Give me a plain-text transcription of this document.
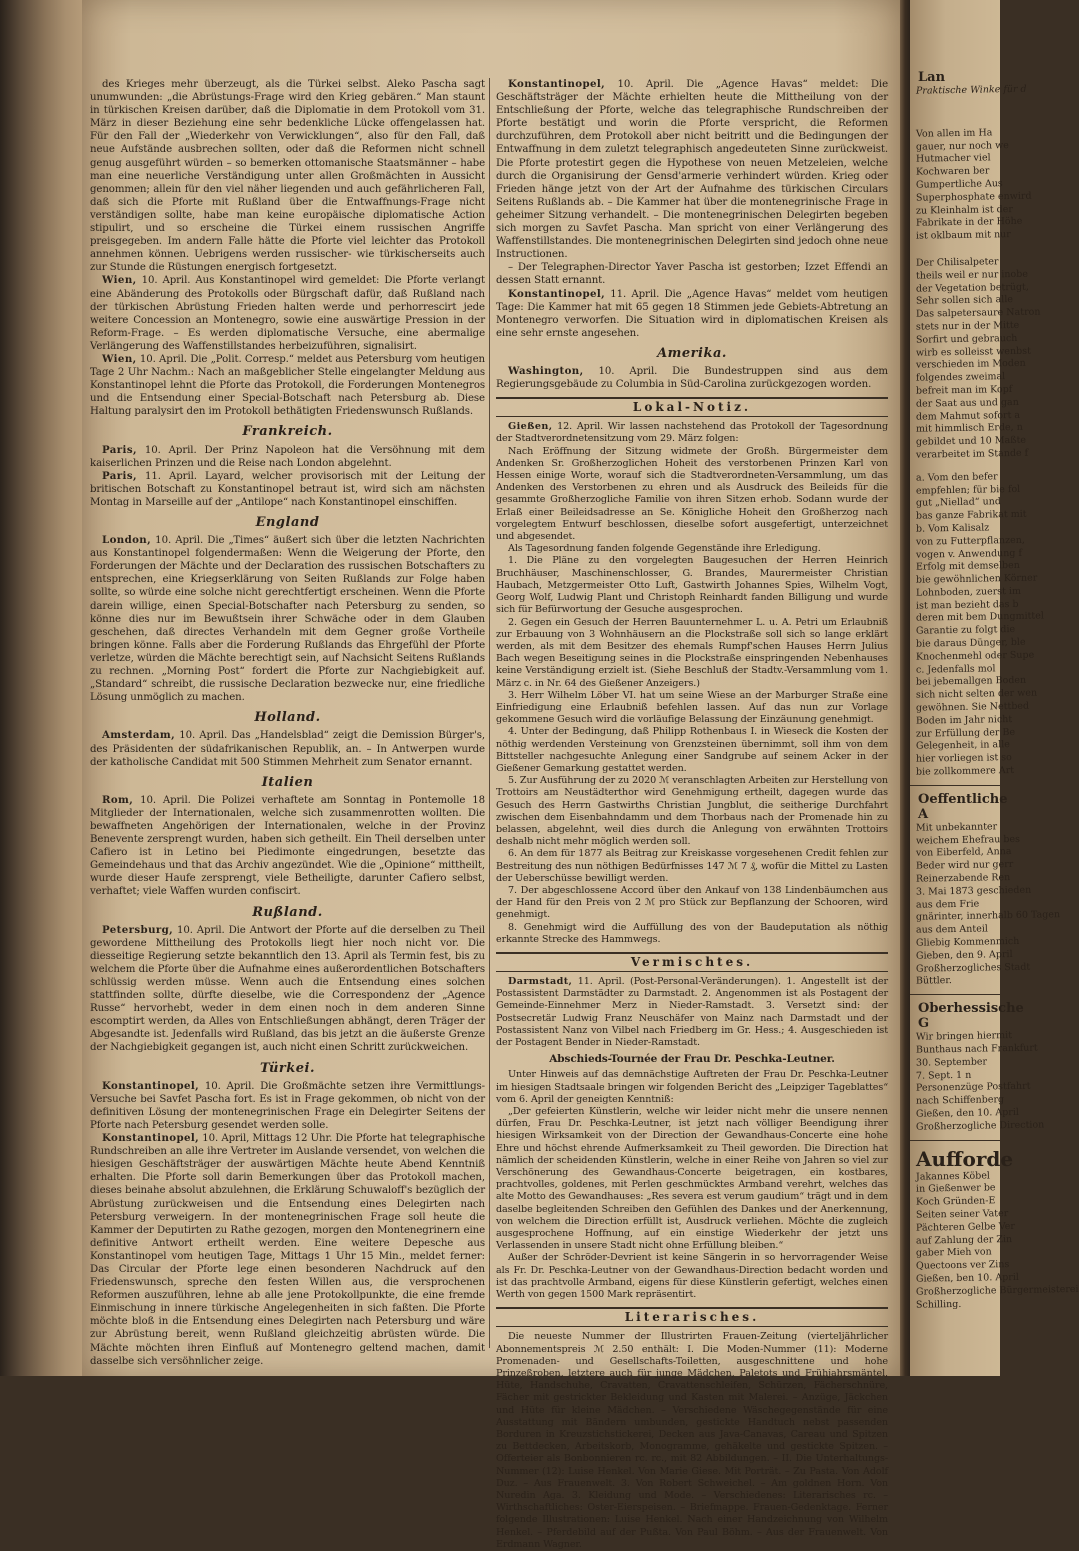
des Krieges mehr überzeugt, als die Türkei selbst. Aleko Pascha sagt unumwunden: „die Abrüstungs-Frage wird den Krieg gebären.“ Man staunt in türkischen Kreisen darüber, daß die Diplomatie in dem Protokoll vom 31. März in dieser Beziehung eine sehr bedenkliche Lücke offengelassen hat. Für den Fall der „Wiederkehr von Verwicklungen“, also für den Fall, daß neue Aufstände ausbrechen sollten, oder daß die Reformen nicht schnell genug ausgeführt würden – so bemerken ottomanische Staatsmänner – habe man eine neuerliche Verständigung unter allen Großmächten in Aussicht genommen; allein für den viel näher liegenden und auch gefährlicheren Fall, daß sich die Pforte mit Rußland über die Entwaffnungs-Frage nicht verständigen sollte, habe man keine europäische diplomatische Action stipulirt, und so erscheine die Türkei einem russischen Angriffe preisgegeben. Im andern Falle hätte die Pforte viel leichter das Protokoll annehmen können. Uebrigens werden russischer- wie türkischerseits auch zur Stunde die Rüstungen energisch fortgesetzt.

Wien, 10. April. Aus Konstantinopel wird gemeldet: Die Pforte verlangt eine Abänderung des Protokolls oder Bürgschaft dafür, daß Rußland nach der türkischen Abrüstung Frieden halten werde und perhorrescirt jede weitere Concession an Montenegro, sowie eine auswärtige Pression in der Reform-Frage. – Es werden diplomatische Versuche, eine abermalige Verlängerung des Waffenstillstandes herbeizuführen, signalisirt.

Wien, 10. April. Die „Polit. Corresp.“ meldet aus Petersburg vom heutigen Tage 2 Uhr Nachm.: Nach an maßgeblicher Stelle eingelangter Meldung aus Konstantinopel lehnt die Pforte das Protokoll, die Forderungen Montenegros und die Entsendung einer Special-Botschaft nach Petersburg ab. Diese Haltung paralysirt den im Protokoll bethätigten Friedenswunsch Rußlands.

Frankreich.

Paris, 10. April. Der Prinz Napoleon hat die Versöhnung mit dem kaiserlichen Prinzen und die Reise nach London abgelehnt.

Paris, 11. April. Layard, welcher provisorisch mit der Leitung der britischen Botschaft zu Konstantinopel betraut ist, wird sich am nächsten Montag in Marseille auf der „Antilope“ nach Konstantinopel einschiffen.

England

London, 10. April. Die „Times“ äußert sich über die letzten Nachrichten aus Konstantinopel folgendermaßen: Wenn die Weigerung der Pforte, den Forderungen der Mächte und der Declaration des russischen Botschafters zu entsprechen, eine Kriegserklärung von Seiten Rußlands zur Folge haben sollte, so würde eine solche nicht gerechtfertigt erscheinen. Wenn die Pforte darein willige, einen Special-Botschafter nach Petersburg zu senden, so könne dies nur im Bewußtsein ihrer Schwäche oder in dem Glauben geschehen, daß directes Verhandeln mit dem Gegner große Vortheile bringen könne. Falls aber die Forderung Rußlands das Ehrgefühl der Pforte verletze, würden die Mächte berechtigt sein, auf Nachsicht Seitens Rußlands zu rechnen. „Morning Post“ fordert die Pforte zur Nachgiebigkeit auf. „Standard“ schreibt, die russische Declaration bezwecke nur, eine friedliche Lösung unmöglich zu machen.

Holland.

Amsterdam, 10. April. Das „Handelsblad“ zeigt die Demission Bürger's, des Präsidenten der südafrikanischen Republik, an. – In Antwerpen wurde der katholische Candidat mit 500 Stimmen Mehrheit zum Senator ernannt.

Italien

Rom, 10. April. Die Polizei verhaftete am Sonntag in Pontemolle 18 Mitglieder der Internationalen, welche sich zusammenrotten wollten. Die bewaffneten Angehörigen der Internationalen, welche in der Provinz Benevente zersprengt wurden, haben sich getheilt. Ein Theil derselben unter Cafiero ist in Letino bei Piedimonte eingedrungen, besetzte das Gemeindehaus und that das Archiv angezündet. Wie die „Opinione“ mittheilt, wurde dieser Haufe zersprengt, viele Betheiligte, darunter Cafiero selbst, verhaftet; viele Waffen wurden confiscirt.

Rußland.

Petersburg, 10. April. Die Antwort der Pforte auf die derselben zu Theil gewordene Mittheilung des Protokolls liegt hier noch nicht vor. Die diesseitige Regierung setzte bekanntlich den 13. April als Termin fest, bis zu welchem die Pforte über die Aufnahme eines außerordentlichen Botschafters schlüssig werden müsse. Wenn auch die Entsendung eines solchen stattfinden sollte, dürfte dieselbe, wie die Correspondenz der „Agence Russe“ hervorhebt, weder in dem einen noch in dem anderen Sinne escomptirt werden, da Alles von Entschließungen abhängt, deren Träger der Abgesandte ist. Jedenfalls wird Rußland, das bis jetzt an die äußerste Grenze der Nachgiebigkeit gegangen ist, auch nicht einen Schritt zurückweichen.

Türkei.

Konstantinopel, 10. April. Die Großmächte setzen ihre Vermittlungs-Versuche bei Savfet Pascha fort. Es ist in Frage gekommen, ob nicht von der definitiven Lösung der montenegrinischen Frage ein Delegirter Seitens der Pforte nach Petersburg gesendet werden solle.

Konstantinopel, 10. April, Mittags 12 Uhr. Die Pforte hat telegraphische Rundschreiben an alle ihre Vertreter im Auslande versendet, von welchen die hiesigen Geschäftsträger der auswärtigen Mächte heute Abend Kenntniß erhalten. Die Pforte soll darin Bemerkungen über das Protokoll machen, dieses beinahe absolut abzulehnen, die Erklärung Schuwaloff's bezüglich der Abrüstung zurückweisen und die Entsendung eines Delegirten nach Petersburg verweigern. In der montenegrinischen Frage soll heute die Kammer der Deputirten zu Rathe gezogen, morgen den Montenegrinern eine definitive Antwort ertheilt werden. Eine weitere Depesche aus Konstantinopel vom heutigen Tage, Mittags 1 Uhr 15 Min., meldet ferner: Das Circular der Pforte lege einen besonderen Nachdruck auf den Friedenswunsch, spreche den festen Willen aus, die versprochenen Reformen auszuführen, lehne ab alle jene Protokollpunkte, die eine fremde Einmischung in innere türkische Angelegenheiten in sich faßten. Die Pforte möchte bloß in die Entsendung eines Delegirten nach Petersburg und wäre zur Abrüstung bereit, wenn Rußland gleichzeitig abrüsten würde. Die Mächte möchten ihren Einfluß auf Montenegro geltend machen, damit dasselbe sich versöhnlicher zeige.

Konstantinopel, 10. April. Die „Agence Havas“ meldet: Die Geschäftsträger der Mächte erhielten heute die Mittheilung von der Entschließung der Pforte, welche das telegraphische Rundschreiben der Pforte bestätigt und worin die Pforte verspricht, die Reformen durchzuführen, dem Protokoll aber nicht beitritt und die Bedingungen der Entwaffnung in dem zuletzt telegraphisch angedeuteten Sinne zurückweist. Die Pforte protestirt gegen die Hypothese von neuen Metzeleien, welche durch die Organisirung der Gensd'armerie verhindert würden. Krieg oder Frieden hänge jetzt von der Art der Aufnahme des türkischen Circulars Seitens Rußlands ab. – Die Kammer hat über die montenegrinische Frage in geheimer Sitzung verhandelt. – Die montenegrinischen Delegirten begeben sich morgen zu Savfet Pascha. Man spricht von einer Verlängerung des Waffenstillstandes. Die montenegrinischen Delegirten sind jedoch ohne neue Instructionen.

– Der Telegraphen-Director Yaver Pascha ist gestorben; Izzet Effendi an dessen Statt ernannt.

Konstantinopel, 11. April. Die „Agence Havas“ meldet vom heutigen Tage: Die Kammer hat mit 65 gegen 18 Stimmen jede Gebiets-Abtretung an Montenegro verworfen. Die Situation wird in diplomatischen Kreisen als eine sehr ernste angesehen.

Amerika.

Washington, 10. April. Die Bundestruppen sind aus dem Regierungsgebäude zu Columbia in Süd-Carolina zurückgezogen worden.

Lokal-Notiz.

Gießen, 12. April. Wir lassen nachstehend das Protokoll der Tagesordnung der Stadtverordnetensitzung vom 29. März folgen:

Nach Eröffnung der Sitzung widmete der Großh. Bürgermeister dem Andenken Sr. Großherzoglichen Hoheit des verstorbenen Prinzen Karl von Hessen einige Worte, worauf sich die Stadtverordneten-Versammlung, um das Andenken des Verstorbenen zu ehren und als Ausdruck des Beileids für die gesammte Großherzogliche Familie von ihren Sitzen erhob. Sodann wurde der Erlaß einer Beileidsadresse an Se. Königliche Hoheit den Großherzog nach vorgelegtem Entwurf beschlossen, dieselbe sofort ausgefertigt, unterzeichnet und abgesendet.

Als Tagesordnung fanden folgende Gegenstände ihre Erledigung.

1. Die Pläne zu den vorgelegten Baugesuchen der Herren Heinrich Bruchhäuser, Maschinenschlosser, G. Brandes, Maurermeister Christian Haubach, Metzgermeister Otto Luft, Gastwirth Johannes Spies, Wilhelm Vogt, Georg Wolf, Ludwig Plant und Christoph Reinhardt fanden Billigung und wurde sich für Befürwortung der Gesuche ausgesprochen.

2. Gegen ein Gesuch der Herren Bauunternehmer L. u. A. Petri um Erlaubniß zur Erbauung von 3 Wohnhäusern an die Plockstraße soll sich so lange erklärt werden, als mit dem Besitzer des ehemals Rumpf'schen Hauses Herrn Julius Bach wegen Beseitigung seines in die Plockstraße einspringenden Nebenhauses keine Verständigung erzielt ist. (Siehe Beschluß der Stadtv.-Versammlung vom 1. März c. in Nr. 64 des Gießener Anzeigers.)

3. Herr Wilhelm Löber VI. hat um seine Wiese an der Marburger Straße eine Einfriedigung eine Erlaubniß befehlen lassen. Auf das nun zur Vorlage gekommene Gesuch wird die vorläufige Belassung der Einzäunung genehmigt.

4. Unter der Bedingung, daß Philipp Rothenbaus I. in Wieseck die Kosten der nöthig werdenden Versteinung von Grenzsteinen übernimmt, soll ihm von dem Bittsteller nachgesuchte Anlegung einer Sandgrube auf seinem Acker in der Gießener Gemarkung gestattet werden.

5. Zur Ausführung der zu 2020 ℳ veranschlagten Arbeiten zur Herstellung von Trottoirs am Neustädterthor wird Genehmigung ertheilt, dagegen wurde das Gesuch des Herrn Gastwirths Christian Jungblut, die seitherige Durchfahrt zwischen dem Eisenbahndamm und dem Thorbaus nach der Promenade hin zu belassen, abgelehnt, weil dies durch die Anlegung von erwähnten Trottoirs deshalb nicht mehr möglich werden soll.

6. An dem für 1877 als Beitrag zur Kreiskasse vorgesehenen Credit fehlen zur Bestreitung des nun nöthigen Bedürfnisses 147 ℳ 7 ₰, wofür die Mittel zu Lasten der Ueberschüsse bewilligt werden.

7. Der abgeschlossene Accord über den Ankauf von 138 Lindenbäumchen aus der Hand für den Preis von 2 ℳ pro Stück zur Bepflanzung der Schooren, wird genehmigt.

8. Genehmigt wird die Auffüllung des von der Baudeputation als nöthig erkannte Strecke des Hammwegs.

Vermischtes.

Darmstadt, 11. April. (Post-Personal-Veränderungen). 1. Angestellt ist der Postassistent Darmstädter zu Darmstadt. 2. Angenommen ist als Postagent der Gemeinde-Einnehmer Merz in Nieder-Ramstadt. 3. Versetzt sind: der Postsecretär Ludwig Franz Neuschäfer von Mainz nach Darmstadt und der Postassistent Nanz von Vilbel nach Friedberg im Gr. Hess.; 4. Ausgeschieden ist der Postagent Bender in Nieder-Ramstadt.

Abschieds-Tournée der Frau Dr. Peschka-Leutner.

Unter Hinweis auf das demnächstige Auftreten der Frau Dr. Peschka-Leutner im hiesigen Stadtsaale bringen wir folgenden Bericht des „Leipziger Tageblattes“ vom 6. April der geneigten Kenntniß:

„Der gefeierten Künstlerin, welche wir leider nicht mehr die unsere nennen dürfen, Frau Dr. Peschka-Leutner, ist jetzt nach völliger Beendigung ihrer hiesigen Wirksamkeit von der Direction der Gewandhaus-Concerte eine hohe Ehre und höchst ehrende Aufmerksamkeit zu Theil geworden. Die Direction hat nämlich der scheidenden Künstlerin, welche in einer Reihe von Jahren so viel zur Verschönerung des Gewandhaus-Concerte beigetragen, ein kostbares, prachtvolles, goldenes, mit Perlen geschmücktes Armband verehrt, welches das alte Motto des Gewandhauses: „Res severa est verum gaudium“ trägt und in dem daselbe begleitenden Schreiben den Gefühlen des Dankes und der Anerkennung, von welchem die Direction erfüllt ist, Ausdruck verliehen. Möchte die zugleich ausgesprochene Hoffnung, auf ein einstige Wiederkehr der jetzt uns Verlassenden in unsere Stadt nicht ohne Erfüllung bleiben.“

Außer der Schröder-Devrient ist keine Sängerin in so hervorragender Weise als Fr. Dr. Peschka-Leutner von der Gewandhaus-Direction bedacht worden und ist das prachtvolle Armband, eigens für diese Künstlerin gefertigt, welches einen Werth von gegen 1500 Mark repräsentirt.

Literarisches.

Die neueste Nummer der Illustrirten Frauen-Zeitung (vierteljährlicher Abonnementspreis ℳ 2.50 enthält: I. Die Moden-Nummer (11): Moderne Promenaden- und Gesellschafts-Toiletten, ausgeschnittene und hohe Prinzeßroben, letztere auch für junge Mädchen, Paletots und Frühjahrsmäntel, Hüte, Handschuhe, Cravatten, Cravattenschleifen, Schürzen, Fächerschnüre, Fächer mit gestrickter Bekleidung und Kasten mit Malerei. – Anzüge, Jäckchen und Hüte für kleine Mädchen. – Verschiedene Wäschegegenstände für eine Ausstattung mit Bändern umbunden, gestickte Handtuch nebst passenden Borduren in Kreuzstichstickerei, Decken aus Java-Canavas, Careau und Spitzen zu Bettdecken, Arbeitskorb, Monogramme, gehäkelte und gestickte Spitzen. – Offerteier als Bonbonnieren rc. rc., mit 82 Abbildungen. – II. Die Unterhaltungs-Nummer (12): Luise Henkel. Von Marie Giese. Mit Porträt. – Zu Pasta. Von Adolf Duz. – Aus Frauenwelt. 3. Von Robert Schweichel. – Am goldnen Horn. Von Nuredin Aga. 3. Kleidung und Mode. – Verschiedenes: Literarisches rc. – Wirthschaftliches: Oster-Eierspeisen. – Briefmappe. Frauen-Gedenktage. Ferner folgende Illustrationen: Luise Henkel. Nach einer Handzeichnung von Wilhelm Henkel. – Pferdebild auf der Pußta. Von Paul Böhm. – Aus der Frauenwelt. Von Erdmann Wagner.

Lan
Praktische Winke für d
Von allen im Ha
gauer, nur noch we
Hutmacher viel
Kochwaren ber
Gumpertliche Aus
Superphosphate enwird
zu Kleinhalm ist der
Fabrikate in der Höhe
ist oklbaum mit nur
Der Chilisalpeter
theils weil er nur inobe
der Vegetation betrügt,
Sehr sollen sich alle
Das salpetersaure Natron
stets nur in der Mitte
Sorfirt und gebrauch
wirb es solleisst wenbst
verschieden im Moden
folgendes zweimal
befreit man im Kopf
der Saat aus und gan
dem Mahmut sofort a
mit himmlisch Erde, n
gebildet und 10 Maßte
verarbeitet im Stande f
a. Vom den befer
empfehlen; für bie fol
gut „Niellad“ und
bas ganze Fabrikat mit
b. Vom Kalisalz
von zu Futterpflanzen,
vogen v. Anwendung f
Erfolg mit demselben
bie gewöhnlichen Körner
Lohnboden, zuerst im
ist man bezieht das b
deren mit bem Dungmittel
Garantie zu folgt die
bie daraus Dünger, ble
Knochenmehl oder Supe
c. Jedenfalls mol
bei jebemallgen Boden
sich nicht selten der wen
gewöhnen. Sie Nettbed
Boden im Jahr nicht
zur Erfüllung der Be
Gelegenheit, in alle
hier vorliegen ist so
bie zollkommere Art
Oeffentliche A
Mit unbekannter
weichem Ehefrau bes
von Eiberfeld, Anna
Beder wird nur gerr
Reinerzabende Ren
3. Mai 1873 geschieden
aus dem Frie
gnärinter, innerhalb 60 Tagen
aus dem Anteil
Gliebig Kommenmich
Gieben, den 9. April
Großherzogliches Stadt
Büttler.
Oberhessische G
Wir bringen hiermit
Bunthaus nach Frankfurt
30. September
7. Sept. 1 n
Personenzüge Postfahrt
nach Schiffenberg
Gießen, den 10. April
Großherzogliche Direction
Aufforde
Jakannes Köbel
in Gießenwer be
Koch Gründen-E
Seiten seiner Vater
Pächteren Gelbe Ver
auf Zahlung der Zin
gaber Mieh von
Quectoons ver Zins
Gießen, ben 10. April
Großherzogliche Bürgermeisterei
Schilling.
